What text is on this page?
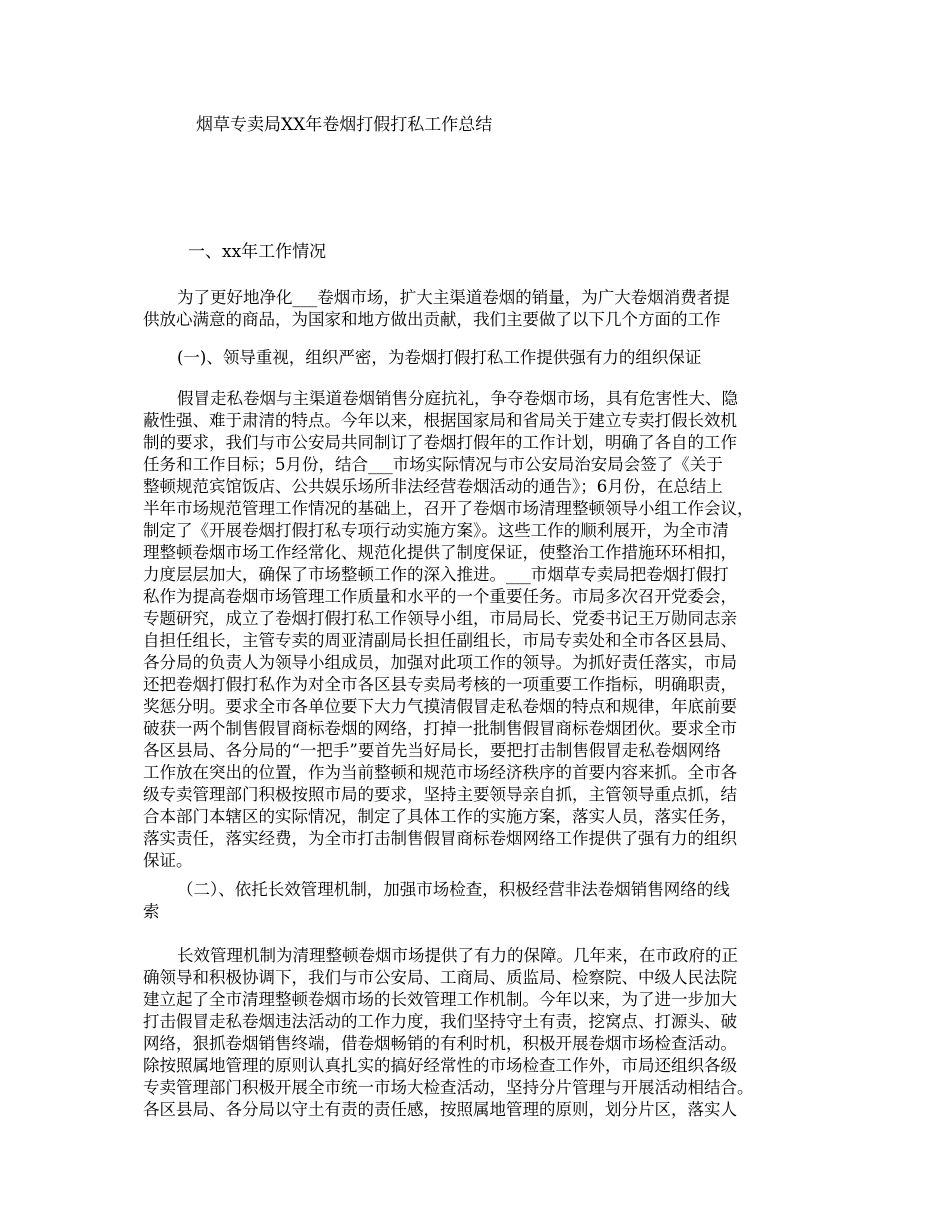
烟草专卖局XX年卷烟打假打私工作总结
一、xx年工作情况
为了更好地净化___卷烟市场，扩大主渠道卷烟的销量，为广大卷烟消费者提
供放心满意的商品，为国家和地方做出贡献，我们主要做了以下几个方面的工作
(一)、领导重视，组织严密，为卷烟打假打私工作提供强有力的组织保证
假冒走私卷烟与主渠道卷烟销售分庭抗礼，争夺卷烟市场，具有危害性大、隐
蔽性强、难于肃清的特点。今年以来，根据国家局和省局关于建立专卖打假长效机
制的要求，我们与市公安局共同制订了卷烟打假年的工作计划，明确了各自的工作
任务和工作目标；5月份，结合___市场实际情况与市公安局治安局会签了《关于
整顿规范宾馆饭店、公共娱乐场所非法经营卷烟活动的通告》；6月份，在总结上
半年市场规范管理工作情况的基础上，召开了卷烟市场清理整顿领导小组工作会议，
制定了《开展卷烟打假打私专项行动实施方案》。这些工作的顺利展开，为全市清
理整顿卷烟市场工作经常化、规范化提供了制度保证，使整治工作措施环环相扣，
力度层层加大，确保了市场整顿工作的深入推进。___市烟草专卖局把卷烟打假打
私作为提高卷烟市场管理工作质量和水平的一个重要任务。市局多次召开党委会，
专题研究，成立了卷烟打假打私工作领导小组，市局局长、党委书记王万勋同志亲
自担任组长，主管专卖的周亚清副局长担任副组长，市局专卖处和全市各区县局、
各分局的负责人为领导小组成员，加强对此项工作的领导。为抓好责任落实，市局
还把卷烟打假打私作为对全市各区县专卖局考核的一项重要工作指标，明确职责，
奖惩分明。要求全市各单位要下大力气摸清假冒走私卷烟的特点和规律，年底前要
破获一两个制售假冒商标卷烟的网络，打掉一批制售假冒商标卷烟团伙。要求全市
各区县局、各分局的“一把手”要首先当好局长，要把打击制售假冒走私卷烟网络
工作放在突出的位置，作为当前整顿和规范市场经济秩序的首要内容来抓。全市各
级专卖管理部门积极按照市局的要求，坚持主要领导亲自抓，主管领导重点抓，结
合本部门本辖区的实际情况，制定了具体工作的实施方案，落实人员，落实任务，
落实责任，落实经费，为全市打击制售假冒商标卷烟网络工作提供了强有力的组织
保证。
（二）、依托长效管理机制，加强市场检查，积极经营非法卷烟销售网络的线
索
长效管理机制为清理整顿卷烟市场提供了有力的保障。几年来，在市政府的正
确领导和积极协调下，我们与市公安局、工商局、质监局、检察院、中级人民法院
建立起了全市清理整顿卷烟市场的长效管理工作机制。今年以来，为了进一步加大
打击假冒走私卷烟违法活动的工作力度，我们坚持守土有责，挖窝点、打源头、破
网络，狠抓卷烟销售终端，借卷烟畅销的有利时机，积极开展卷烟市场检查活动。
除按照属地管理的原则认真扎实的搞好经常性的市场检查工作外，市局还组织各级
专卖管理部门积极开展全市统一市场大检查活动，坚持分片管理与开展活动相结合。
各区县局、各分局以守土有责的责任感，按照属地管理的原则，划分片区，落实人
